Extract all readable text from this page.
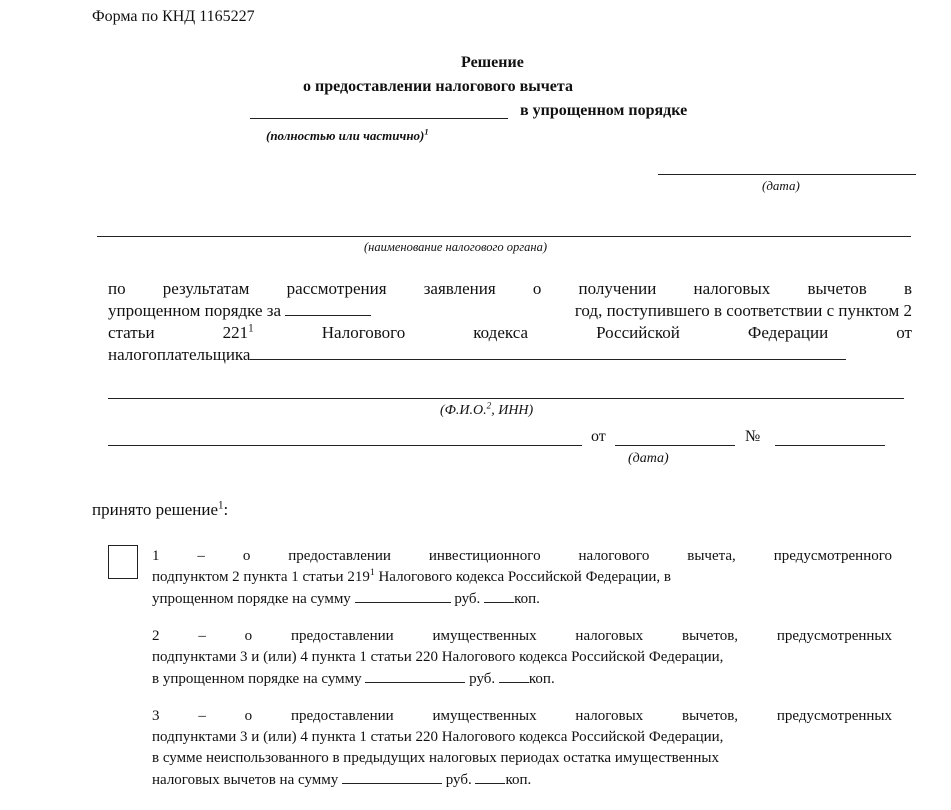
Форма по КНД 1165227
Решение
о предоставлении налогового вычета
в упрощенном порядке
(полностью или частично)$^1$
(дата)
(наименование налогового органа)
по результатам рассмотрения заявления о получении налоговых вычетов в
упрощенном порядке за	год, поступившего в соответствии с пунктом 2
статьи	$221^1$	Налогового	кодекса	Российской	Федерации	от
налогоплательщика
(Ф.И.О.$^2$, ИНН)
от	№
(дата)
принято решение$^1$:
1 – о предоставлении инвестиционного налогового вычета, предусмотренного
подпунктом 2 пункта 1 статьи $219^1$ Налогового кодекса Российской Федерации, в
упрощенном порядке на сумму	руб. коп.
2 – о предоставлении имущественных налоговых вычетов, предусмотренных
подпунктами 3 и (или) 4 пункта 1 статьи 220 Налогового кодекса Российской Федерации,
в упрощенном порядке на сумму	руб. коп.
3 – о предоставлении имущественных налоговых вычетов, предусмотренных
подпунктами 3 и (или) 4 пункта 1 статьи 220 Налогового кодекса Российской Федерации,
в сумме неиспользованного в предыдущих налоговых периодах остатка имущественных
налоговых вычетов на сумму	руб. коп.
